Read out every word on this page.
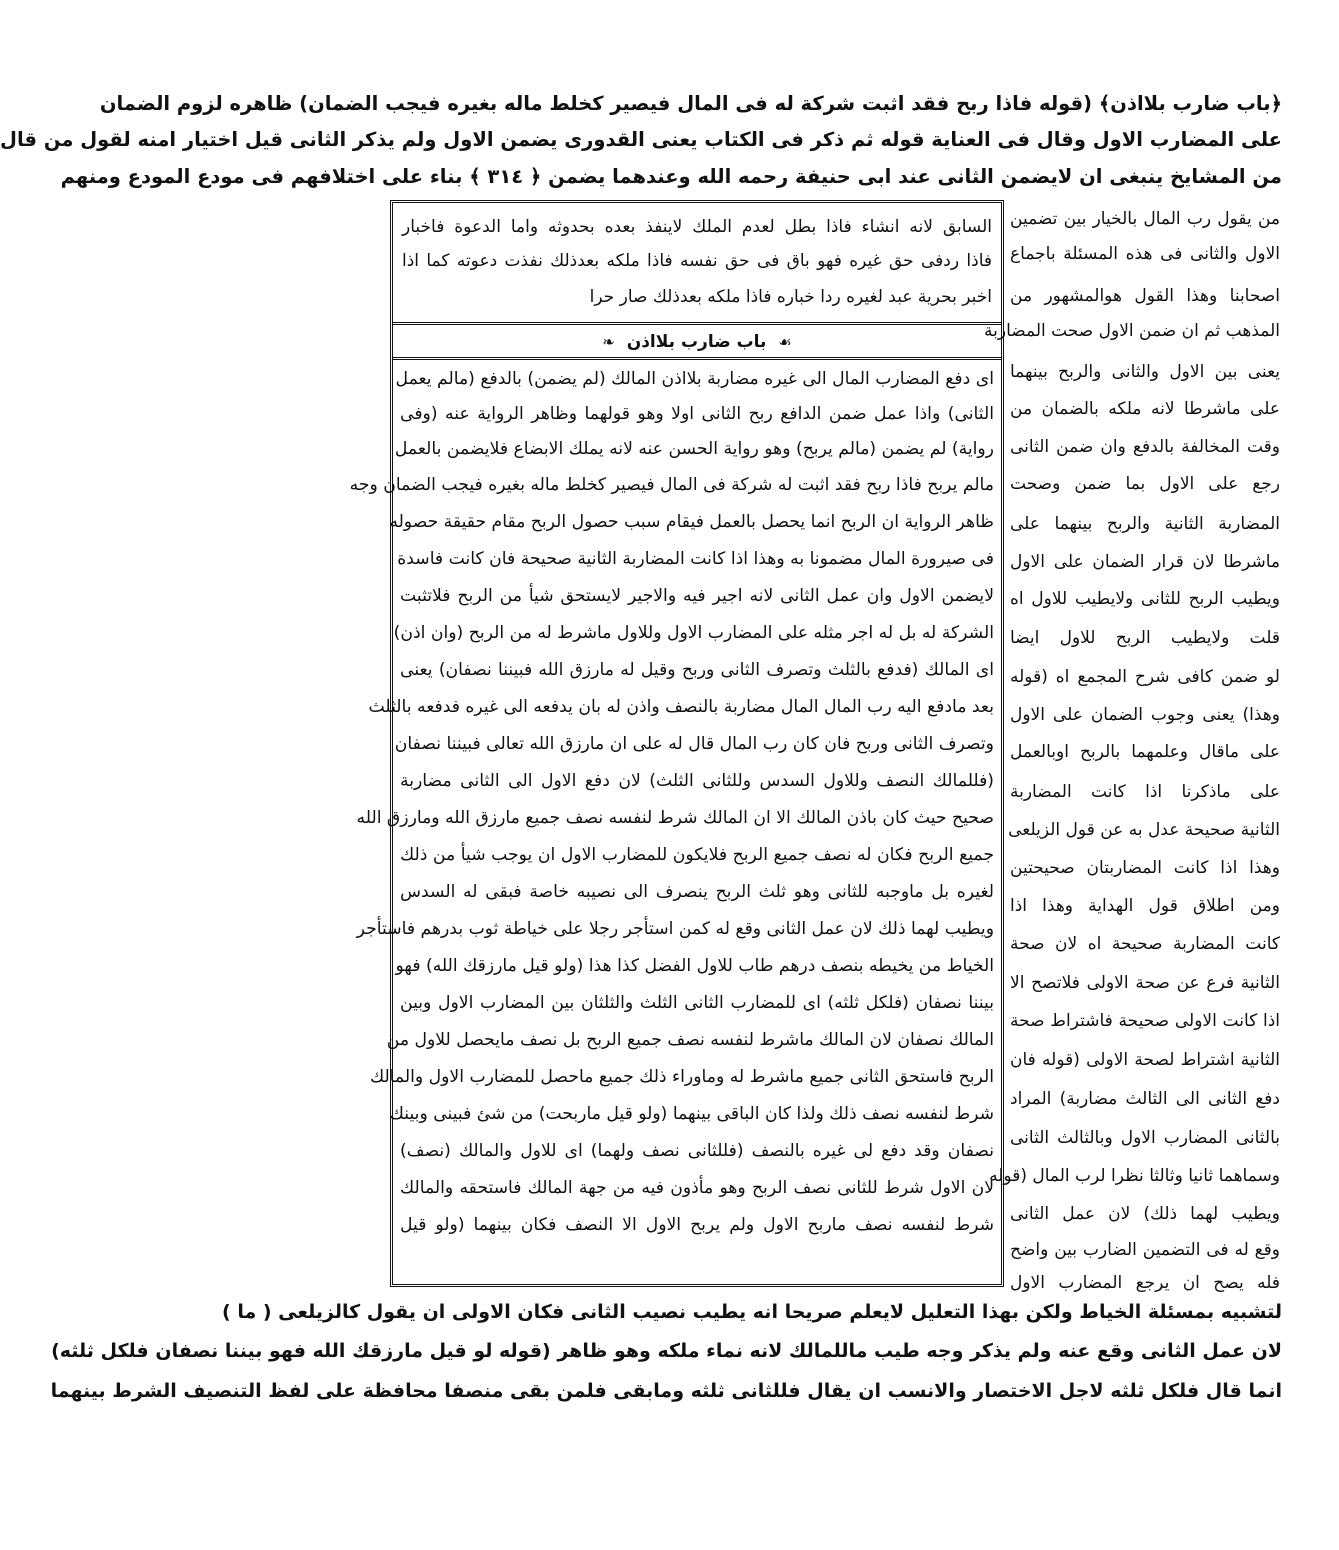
﴿باب ضارب بلااذن﴾ (قوله فاذا ربح فقد اثبت شركة له فى المال فيصير كخلط ماله بغيره فيجب الضمان) ظاهره لزوم الضمان
على المضارب الاول وقال فى العناية قوله ثم ذكر فى الكتاب يعنى القدورى يضمن الاول ولم يذكر الثانى قيل اختيار امنه لقول من قال
من المشايخ ينبغى ان لايضمن الثانى عند ابى حنيفة رحمه الله وعندهما يضمن ﴿ ٣١٤ ﴾ بناء على اختلافهم فى مودع المودع ومنهم
من يقول رب المال بالخيار بين تضمين
الاول والثانى فى هذه المسئلة باجماع
اصحابنا وهذا القول هوالمشهور من
المذهب ثم ان ضمن الاول صحت المضاربة
يعنى بين الاول والثانى والربح بينهما
على ماشرطا لانه ملكه بالضمان من
وقت المخالفة بالدفع وان ضمن الثانى
رجع على الاول بما ضمن وصحت
المضاربة الثانية والربح بينهما على
ماشرطا لان قرار الضمان على الاول
ويطيب الربح للثانى ولايطيب للاول اه
قلت ولايطيب الربح للاول ايضا
لو ضمن كافى شرح المجمع اه (قوله
وهذا) يعنى وجوب الضمان على الاول
على ماقال وعلمهما بالربح اوبالعمل
على ماذكرنا اذا كانت المضاربة
الثانية صحيحة عدل به عن قول الزيلعى
وهذا اذا كانت المضاربتان صحيحتين
ومن اطلاق قول الهداية وهذا اذا
كانت المضاربة صحيحة اه لان صحة
الثانية فرع عن صحة الاولى فلاتصح الا
اذا كانت الاولى صحيحة فاشتراط صحة
الثانية اشتراط لصحة الاولى (قوله فان
دفع الثانى الى الثالث مضاربة) المراد
بالثانى المضارب الاول وبالثالث الثانى
وسماهما ثانيا وثالثا نظرا لرب المال (قوله
ويطيب لهما ذلك) لان عمل الثانى
وقع له فى التضمين الضارب بين واضح
فله يصح ان يرجع المضارب الاول
السابق لانه انشاء فاذا بطل لعدم الملك لاينفذ بعده بحدوثه واما الدعوة فاخبار
فاذا ردفى حق غيره فهو باق فى حق نفسه فاذا ملكه بعدذلك نفذت دعوته كما اذا
اخبر بحرية عبد لغيره ردا خباره فاذا ملكه بعدذلك صار حرا
☙ باب ضارب بلااذن ❧
اى دفع المضارب المال الى غيره مضاربة بلااذن المالك (لم يضمن) بالدفع (مالم يعمل
الثانى) واذا عمل ضمن الدافع ربح الثانى اولا وهو قولهما وظاهر الرواية عنه (وفى
رواية) لم يضمن (مالم يربح) وهو رواية الحسن عنه لانه يملك الابضاع فلايضمن بالعمل
مالم يربح فاذا ربح فقد اثبت له شركة فى المال فيصير كخلط ماله بغيره فيجب الضمان وجه
ظاهر الرواية ان الربح انما يحصل بالعمل فيقام سبب حصول الربح مقام حقيقة حصوله
فى صيرورة المال مضمونا به وهذا اذا كانت المضاربة الثانية صحيحة فان كانت فاسدة
لايضمن الاول وان عمل الثانى لانه اجير فيه والاجير لايستحق شيأ من الربح فلاتثبت
الشركة له بل له اجر مثله على المضارب الاول وللاول ماشرط له من الربح (وان اذن)
اى المالك (فدفع بالثلث وتصرف الثانى وربح وقيل له مارزق الله فبيننا نصفان) يعنى
بعد مادفع اليه رب المال المال مضاربة بالنصف واذن له بان يدفعه الى غيره فدفعه بالثلث
وتصرف الثانى وربح فان كان رب المال قال له على ان مارزق الله تعالى فبيننا نصفان
(فللمالك النصف وللاول السدس وللثانى الثلث) لان دفع الاول الى الثانى مضاربة
صحيح حيث كان باذن المالك الا ان المالك شرط لنفسه نصف جميع مارزق الله ومارزق الله
جميع الربح فكان له نصف جميع الربح فلايكون للمضارب الاول ان يوجب شيأ من ذلك
لغيره بل ماوجبه للثانى وهو ثلث الربح ينصرف الى نصيبه خاصة فبقى له السدس
ويطيب لهما ذلك لان عمل الثانى وقع له كمن استأجر رجلا على خياطة ثوب بدرهم فاستأجر
الخياط من يخيطه بنصف درهم طاب للاول الفضل كذا هذا (ولو قيل مارزقك الله) فهو
بيننا نصفان (فلكل ثلثه) اى للمضارب الثانى الثلث والثلثان بين المضارب الاول وبين
المالك نصفان لان المالك ماشرط لنفسه نصف جميع الربح بل نصف مايحصل للاول من
الربح فاستحق الثانى جميع ماشرط له وماوراء ذلك جميع ماحصل للمضارب الاول والمالك
شرط لنفسه نصف ذلك ولذا كان الباقى بينهما (ولو قيل ماربحت) من شئ فبينى وبينك
نصفان وقد دفع لى غيره بالنصف (فللثانى نصف ولهما) اى للاول والمالك (نصف)
لان الاول شرط للثانى نصف الربح وهو مأذون فيه من جهة المالك فاستحقه والمالك
شرط لنفسه نصف ماربح الاول ولم يربح الاول الا النصف فكان بينهما (ولو قيل
لتشبيه بمسئلة الخياط ولكن بهذا التعليل لايعلم صريحا انه يطيب نصيب الثانى فكان الاولى ان يقول كالزيلعى ( ما )
لان عمل الثانى وقع عنه ولم يذكر وجه طيب ماللمالك لانه نماء ملكه وهو ظاهر (قوله لو قيل مارزقك الله فهو بيننا نصفان فلكل ثلثه)
انما قال فلكل ثلثه لاجل الاختصار والانسب ان يقال فللثانى ثلثه ومابقى فلمن بقى منصفا محافظة على لفظ التنصيف الشرط بينهما
